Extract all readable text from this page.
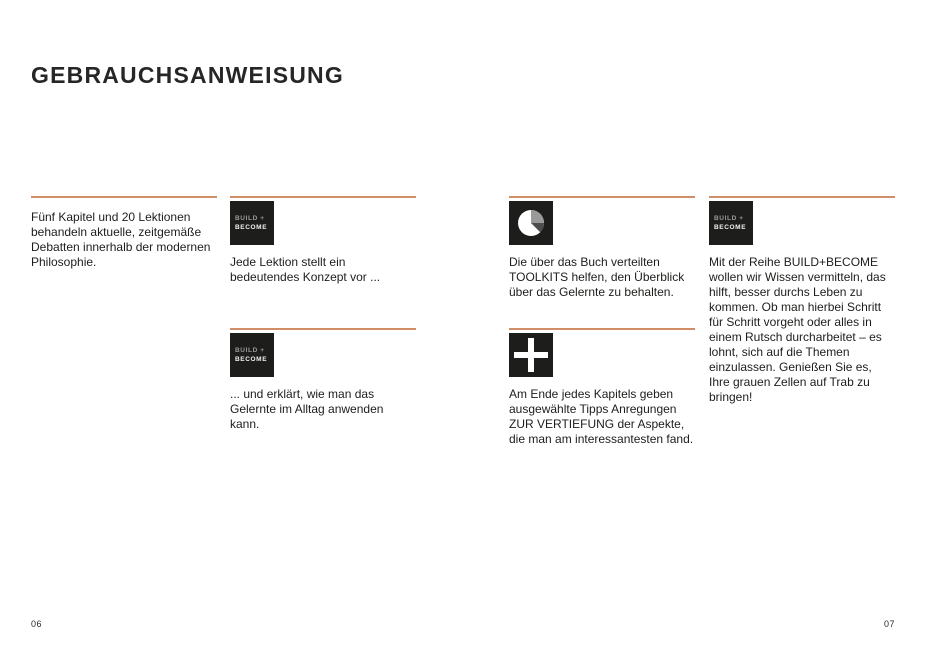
GEBRAUCHSANWEISUNG

Fünf Kapitel und 20 Lektionen behandeln aktuelle, zeitgemäße Debatten innerhalb der modernen Philosophie.

BUILD +
BECOME

Jede Lektion stellt ein bedeutendes Konzept vor ...

BUILD +
BECOME

... und erklärt, wie man das Gelernte im Alltag anwenden kann.

Die über das Buch verteilten TOOLKITS helfen, den Überblick über das Gelernte zu behalten.

Am Ende jedes Kapitels geben ausgewählte Tipps Anregungen ZUR VERTIEFUNG der Aspekte, die man am interessantesten fand.

BUILD +
BECOME

Mit der Reihe BUILD+BECOME wollen wir Wissen vermitteln, das hilft, besser durchs Leben zu kommen. Ob man hierbei Schritt für Schritt vorgeht oder alles in einem Rutsch durcharbeitet – es lohnt, sich auf die Themen einzulassen. Genießen Sie es, Ihre grauen Zellen auf Trab zu bringen!

06	07
